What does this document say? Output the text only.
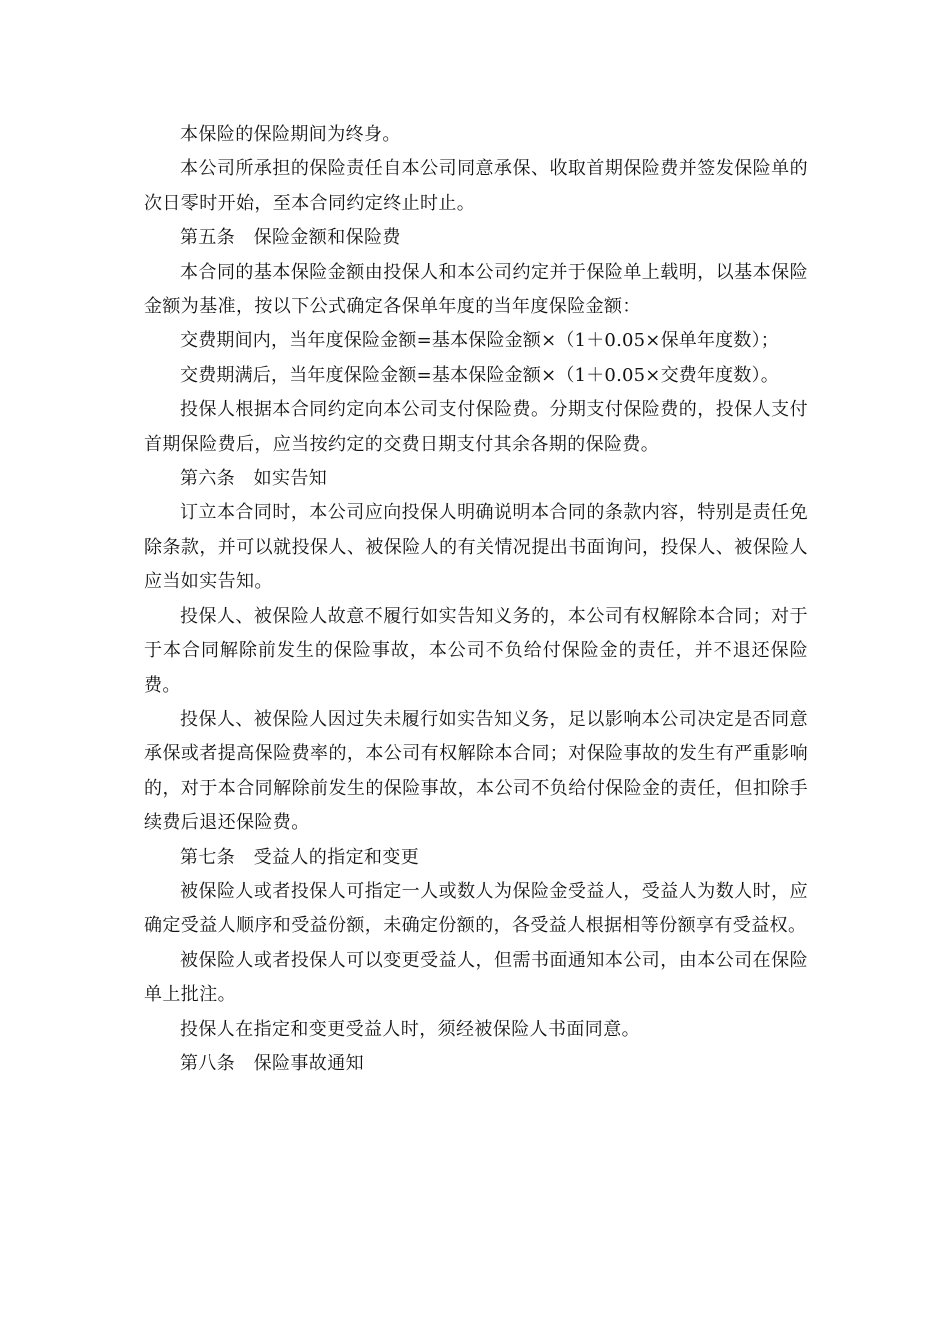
本保险的保险期间为终身。

本公司所承担的保险责任自本公司同意承保、收取首期保险费并签发保险单的次日零时开始，至本合同约定终止时止。

第五条　保险金额和保险费

本合同的基本保险金额由投保人和本公司约定并于保险单上载明，以基本保险金额为基准，按以下公式确定各保单年度的当年度保险金额：

交费期间内，当年度保险金额=基本保险金额×（1＋0.05×保单年度数）；

交费期满后，当年度保险金额=基本保险金额×（1＋0.05×交费年度数）。

投保人根据本合同约定向本公司支付保险费。分期支付保险费的，投保人支付首期保险费后，应当按约定的交费日期支付其余各期的保险费。

第六条　如实告知

订立本合同时，本公司应向投保人明确说明本合同的条款内容，特别是责任免除条款，并可以就投保人、被保险人的有关情况提出书面询问，投保人、被保险人应当如实告知。

投保人、被保险人故意不履行如实告知义务的，本公司有权解除本合同；对于于本合同解除前发生的保险事故，本公司不负给付保险金的责任，并不退还保险费。

投保人、被保险人因过失未履行如实告知义务，足以影响本公司决定是否同意承保或者提高保险费率的，本公司有权解除本合同；对保险事故的发生有严重影响的，对于本合同解除前发生的保险事故，本公司不负给付保险金的责任，但扣除手续费后退还保险费。

第七条　受益人的指定和变更

被保险人或者投保人可指定一人或数人为保险金受益人，受益人为数人时，应确定受益人顺序和受益份额，未确定份额的，各受益人根据相等份额享有受益权。

被保险人或者投保人可以变更受益人，但需书面通知本公司，由本公司在保险单上批注。

投保人在指定和变更受益人时，须经被保险人书面同意。

第八条　保险事故通知
